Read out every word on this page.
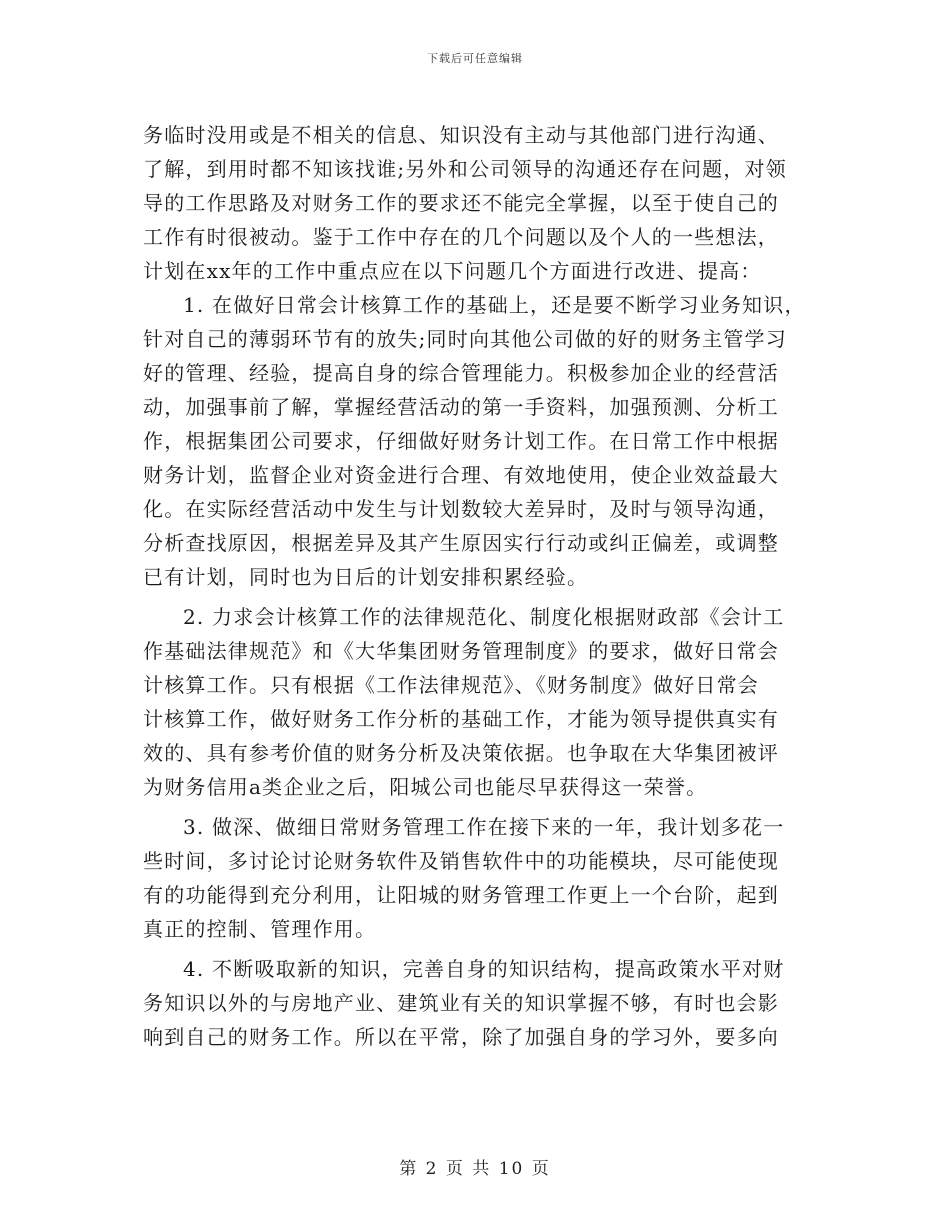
下载后可任意编辑
务临时没用或是不相关的信息、知识没有主动与其他部门进行沟通、
了解，到用时都不知该找谁;另外和公司领导的沟通还存在问题，对领
导的工作思路及对财务工作的要求还不能完全掌握，以至于使自己的
工作有时很被动。鉴于工作中存在的几个问题以及个人的一些想法，
计划在xx年的工作中重点应在以下问题几个方面进行改进、提高：
1. 在做好日常会计核算工作的基础上，还是要不断学习业务知识，
针对自己的薄弱环节有的放失;同时向其他公司做的好的财务主管学习
好的管理、经验，提高自身的综合管理能力。积极参加企业的经营活
动，加强事前了解，掌握经营活动的第一手资料，加强预测、分析工
作，根据集团公司要求，仔细做好财务计划工作。在日常工作中根据
财务计划，监督企业对资金进行合理、有效地使用，使企业效益最大
化。在实际经营活动中发生与计划数较大差异时，及时与领导沟通，
分析查找原因，根据差异及其产生原因实行行动或纠正偏差，或调整
已有计划，同时也为日后的计划安排积累经验。
2. 力求会计核算工作的法律规范化、制度化根据财政部《会计工
作基础法律规范》和《大华集团财务管理制度》的要求，做好日常会
计核算工作。只有根据《工作法律规范》、《财务制度》做好日常会
计核算工作，做好财务工作分析的基础工作，才能为领导提供真实有
效的、具有参考价值的财务分析及决策依据。也争取在大华集团被评
为财务信用a类企业之后，阳城公司也能尽早获得这一荣誉。
3. 做深、做细日常财务管理工作在接下来的一年，我计划多花一
些时间，多讨论讨论财务软件及销售软件中的功能模块，尽可能使现
有的功能得到充分利用，让阳城的财务管理工作更上一个台阶，起到
真正的控制、管理作用。
4. 不断吸取新的知识，完善自身的知识结构，提高政策水平对财
务知识以外的与房地产业、建筑业有关的知识掌握不够，有时也会影
响到自己的财务工作。所以在平常，除了加强自身的学习外，要多向
第 2 页 共 10 页
